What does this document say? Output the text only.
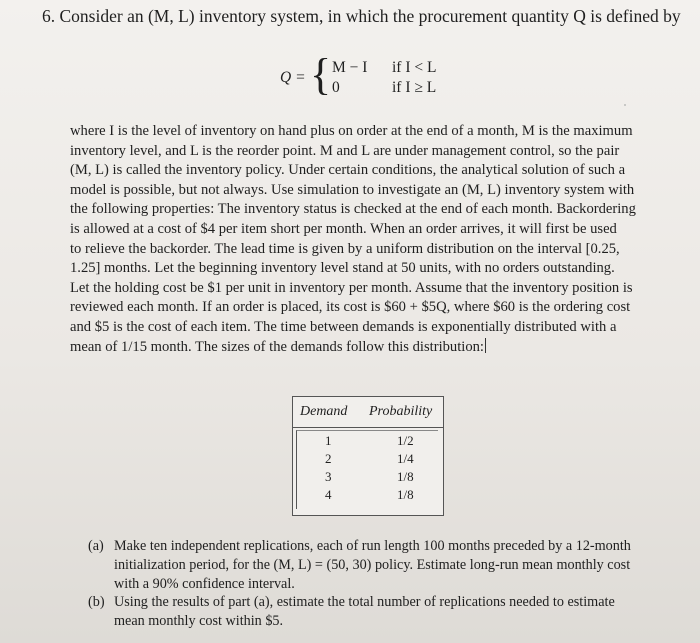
6. Consider an (M, L) inventory system, in which the procurement quantity Q is defined by
Q = { M − I if I < L
0	if I ≥ L
where I is the level of inventory on hand plus on order at the end of a month, M is the maximum
inventory level, and L is the reorder point. M and L are under management control, so the pair
(M, L) is called the inventory policy. Under certain conditions, the analytical solution of such a
model is possible, but not always. Use simulation to investigate an (M, L) inventory system with
the following properties: The inventory status is checked at the end of each month. Backordering
is allowed at a cost of $4 per item short per month. When an order arrives, it will first be used
to relieve the backorder. The lead time is given by a uniform distribution on the interval [0.25,
1.25] months. Let the beginning inventory level stand at 50 units, with no orders outstanding.
Let the holding cost be $1 per unit in inventory per month. Assume that the inventory position is
reviewed each month. If an order is placed, its cost is $60 + $5Q, where $60 is the ordering cost
and $5 is the cost of each item. The time between demands is exponentially distributed with a
mean of 1/15 month. The sizes of the demands follow this distribution:
Demand Probability
1	1/2
2	1/4
3	1/8
4	1/8
(a) Make ten independent replications, each of run length 100 months preceded by a 12-month
initialization period, for the (M, L) = (50, 30) policy. Estimate long-run mean monthly cost
with a 90% confidence interval.
(b) Using the results of part (a), estimate the total number of replications needed to estimate
mean monthly cost within $5.
